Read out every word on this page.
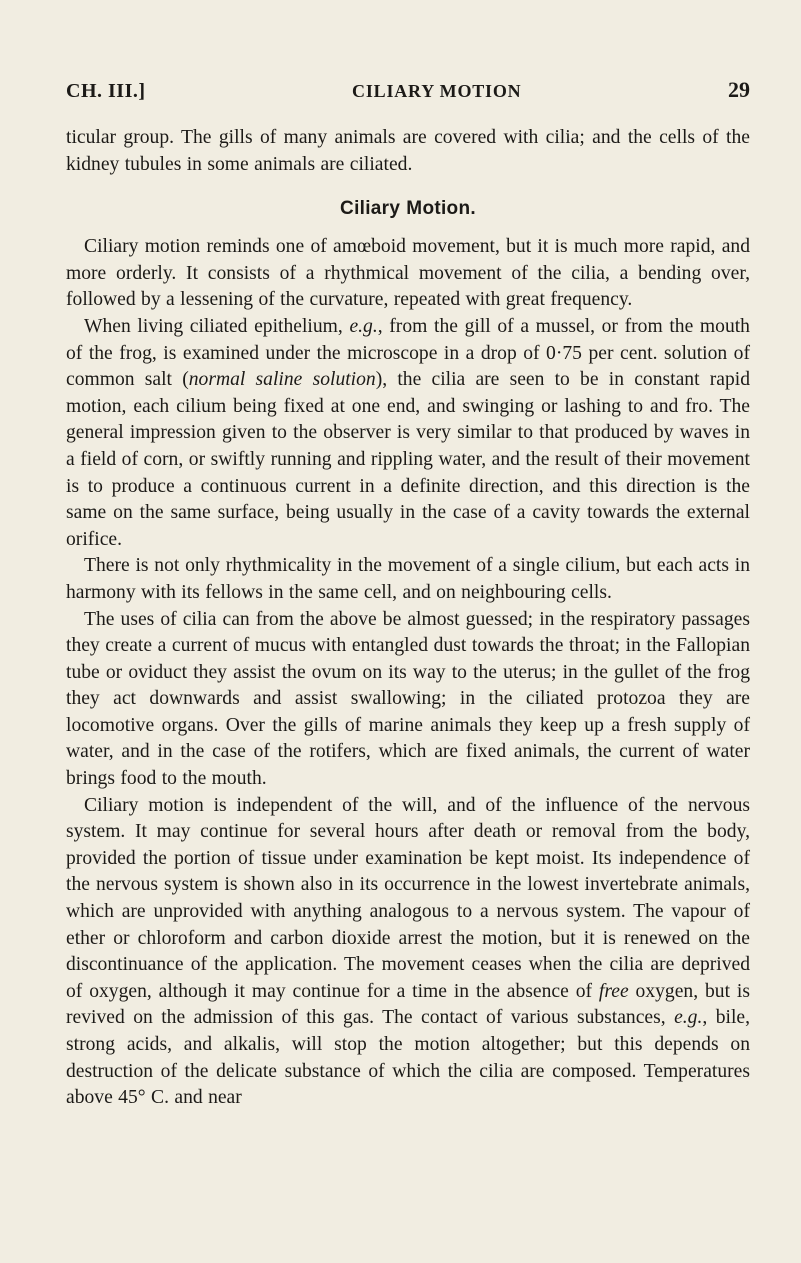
CH. III.]	CILIARY MOTION	29

ticular group. The gills of many animals are covered with cilia; and the cells of the kidney tubules in some animals are ciliated.

Ciliary Motion.

Ciliary motion reminds one of amœboid movement, but it is much more rapid, and more orderly. It consists of a rhythmical movement of the cilia, a bending over, followed by a lessening of the curvature, repeated with great frequency.

When living ciliated epithelium, e.g., from the gill of a mussel, or from the mouth of the frog, is examined under the microscope in a drop of 0·75 per cent. solution of common salt (normal saline solution), the cilia are seen to be in constant rapid motion, each cilium being fixed at one end, and swinging or lashing to and fro. The general impression given to the observer is very similar to that produced by waves in a field of corn, or swiftly running and rippling water, and the result of their movement is to produce a continuous current in a definite direction, and this direction is the same on the same surface, being usually in the case of a cavity towards the external orifice.

There is not only rhythmicality in the movement of a single cilium, but each acts in harmony with its fellows in the same cell, and on neighbouring cells.

The uses of cilia can from the above be almost guessed; in the respiratory passages they create a current of mucus with entangled dust towards the throat; in the Fallopian tube or oviduct they assist the ovum on its way to the uterus; in the gullet of the frog they act downwards and assist swallowing; in the ciliated protozoa they are locomotive organs. Over the gills of marine animals they keep up a fresh supply of water, and in the case of the rotifers, which are fixed animals, the current of water brings food to the mouth.

Ciliary motion is independent of the will, and of the influence of the nervous system. It may continue for several hours after death or removal from the body, provided the portion of tissue under examination be kept moist. Its independence of the nervous system is shown also in its occurrence in the lowest invertebrate animals, which are unprovided with anything analogous to a nervous system. The vapour of ether or chloroform and carbon dioxide arrest the motion, but it is renewed on the discontinuance of the application. The movement ceases when the cilia are deprived of oxygen, although it may continue for a time in the absence of free oxygen, but is revived on the admission of this gas. The contact of various substances, e.g., bile, strong acids, and alkalis, will stop the motion altogether; but this depends on destruction of the delicate substance of which the cilia are composed. Temperatures above 45° C. and near
